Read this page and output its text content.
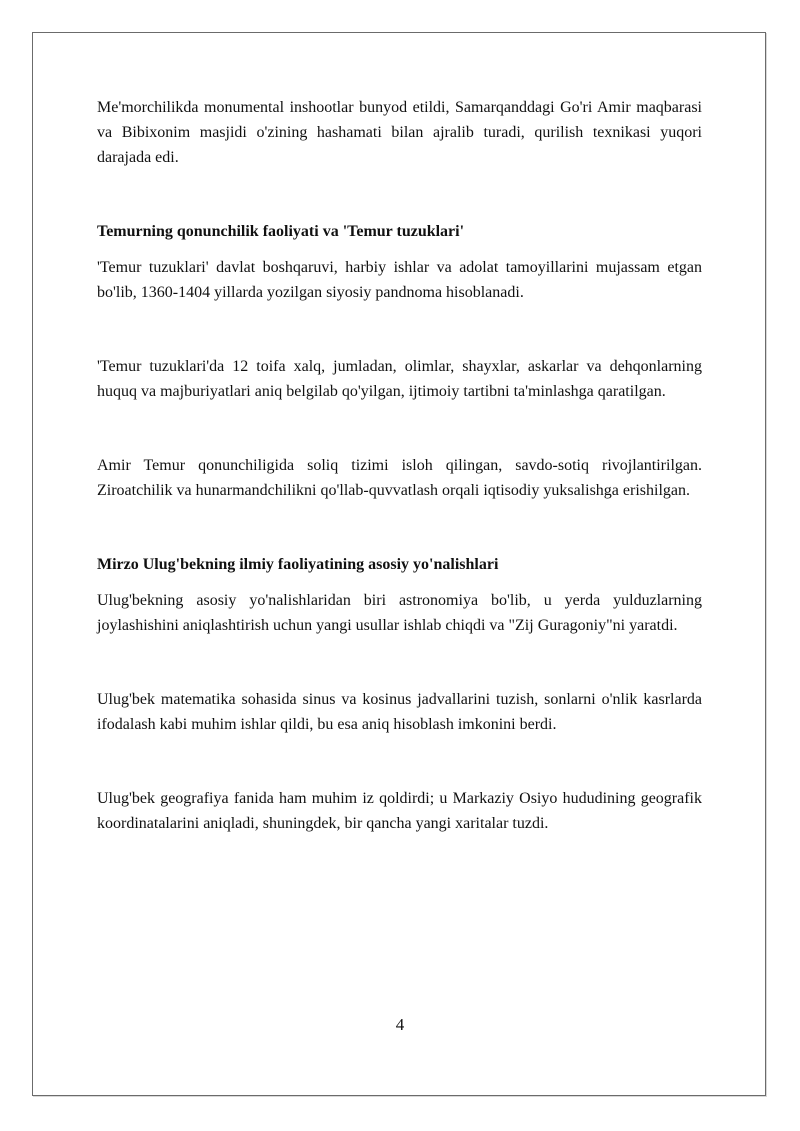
Me'morchilikda monumental inshootlar bunyod etildi, Samarqanddagi Go'ri Amir maqbarasi va Bibixonim masjidi o'zining hashamati bilan ajralib turadi, qurilish texnikasi yuqori darajada edi.

Temurning qonunchilik faoliyati va 'Temur tuzuklari'

'Temur tuzuklari' davlat boshqaruvi, harbiy ishlar va adolat tamoyillarini mujassam etgan bo'lib, 1360-1404 yillarda yozilgan siyosiy pandnoma hisoblanadi.

'Temur tuzuklari'da 12 toifa xalq, jumladan, olimlar, shayxlar, askarlar va dehqonlarning huquq va majburiyatlari aniq belgilab qo'yilgan, ijtimoiy tartibni ta'minlashga qaratilgan.

Amir Temur qonunchiligida soliq tizimi isloh qilingan, savdo-sotiq rivojlantirilgan. Ziroatchilik va hunarmandchilikni qo'llab-quvvatlash orqali iqtisodiy yuksalishga erishilgan.

Mirzo Ulug'bekning ilmiy faoliyatining asosiy yo'nalishlari

Ulug'bekning asosiy yo'nalishlaridan biri astronomiya bo'lib, u yerda yulduzlarning joylashishini aniqlashtirish uchun yangi usullar ishlab chiqdi va "Zij Guragoniy"ni yaratdi.

Ulug'bek matematika sohasida sinus va kosinus jadvallarini tuzish, sonlarni o'nlik kasrlarda ifodalash kabi muhim ishlar qildi, bu esa aniq hisoblash imkonini berdi.

Ulug'bek geografiya fanida ham muhim iz qoldirdi; u Markaziy Osiyo hududining geografik koordinatalarini aniqladi, shuningdek, bir qancha yangi xaritalar tuzdi.

4
